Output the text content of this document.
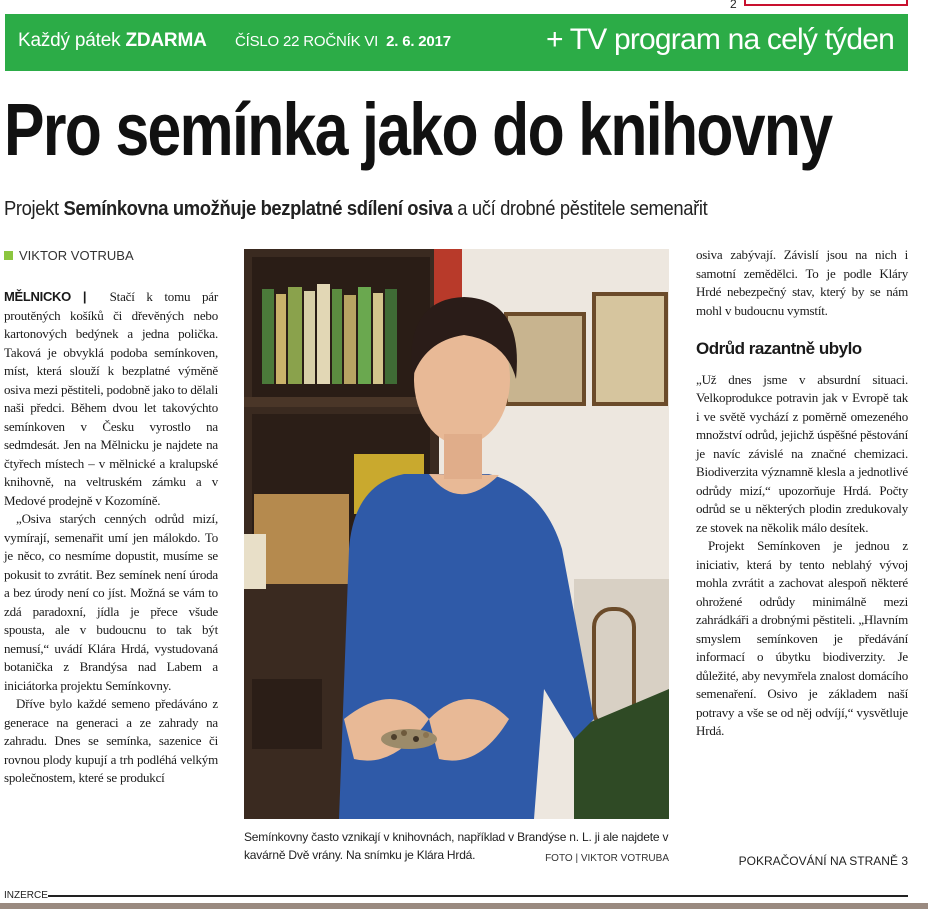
2
Každý pátek ZDARMA ČÍSLO 22 ROČNÍK VI 2. 6. 2017	+ TV program na celý týden
Pro semínka jako do knihovny
Projekt Semínkovna umožňuje bezplatné sdílení osiva a učí drobné pěstitele semenařit
VIKTOR VOTRUBA

MĚLNICKO | Stačí k tomu pár proutěných košíků či dřevěných nebo kartonových bedýnek a jedna polička. Taková je obvyklá podoba semínkoven, míst, která slouží k bezplatné výměně osiva mezi pěstiteli, podobně jako to dělali naši předci. Během dvou let takovýchto semínkoven v Česku vyrostlo na sedmdesát. Jen na Mělnicku je najdete na čtyřech místech – v mělnické a kralupské knihovně, na veltruském zámku a v Medové prodejně v Kozomíně.

„Osiva starých cenných odrůd mizí, vymírají, semenařit umí jen málokdo. To je něco, co nesmíme dopustit, musíme se pokusit to zvrátit. Bez semínek není úroda a bez úrody není co jíst. Možná se vám to zdá paradoxní, jídla je přece všude spousta, ale v budoucnu to tak být nemusí,“ uvádí Klára Hrdá, vystudovaná botanička z Brandýsa nad Labem a iniciátorka projektu Semínkovny.

Dříve bylo každé semeno předáváno z generace na generaci a ze zahrady na zahradu. Dnes se semínka, sazenice či rovnou plody kupují a trh podléhá velkým společnostem, které se produkcí

Semínkovny často vznikají v knihovnách, například v Brandýse n. L. ji ale najdete v kavárně Dvě vrány. Na snímku je Klára Hrdá.	FOTO | VIKTOR VOTRUBA

osiva zabývají. Závislí jsou na nich i samotní zemědělci. To je podle Kláry Hrdé nebezpečný stav, který by se nám mohl v budoucnu vymstít.

Odrůd razantně ubylo

„Už dnes jsme v absurdní situaci. Velkoprodukce potravin jak v Evropě tak i ve světě vychází z poměrně omezeného množství odrůd, jejichž úspěšné pěstování je navíc závislé na značné chemizaci. Biodiverzita významně klesla a jednotlivé odrůdy mizí,“ upozorňuje Hrdá. Počty odrůd se u některých plodin zredukovaly ze stovek na několik málo desítek.

Projekt Semínkoven je jednou z iniciativ, která by tento neblahý vývoj mohla zvrátit a zachovat alespoň některé ohrožené odrůdy minimálně mezi zahrádkáři a drobnými pěstiteli. „Hlavním smyslem semínkoven je předávání informací o úbytku biodiverzity. Je důležité, aby nevymřela znalost domácího semenaření. Osivo je základem naší potravy a vše se od něj odvíjí,“ vysvětluje Hrdá.

POKRAČOVÁNÍ NA STRANĚ 3
INZERCE
